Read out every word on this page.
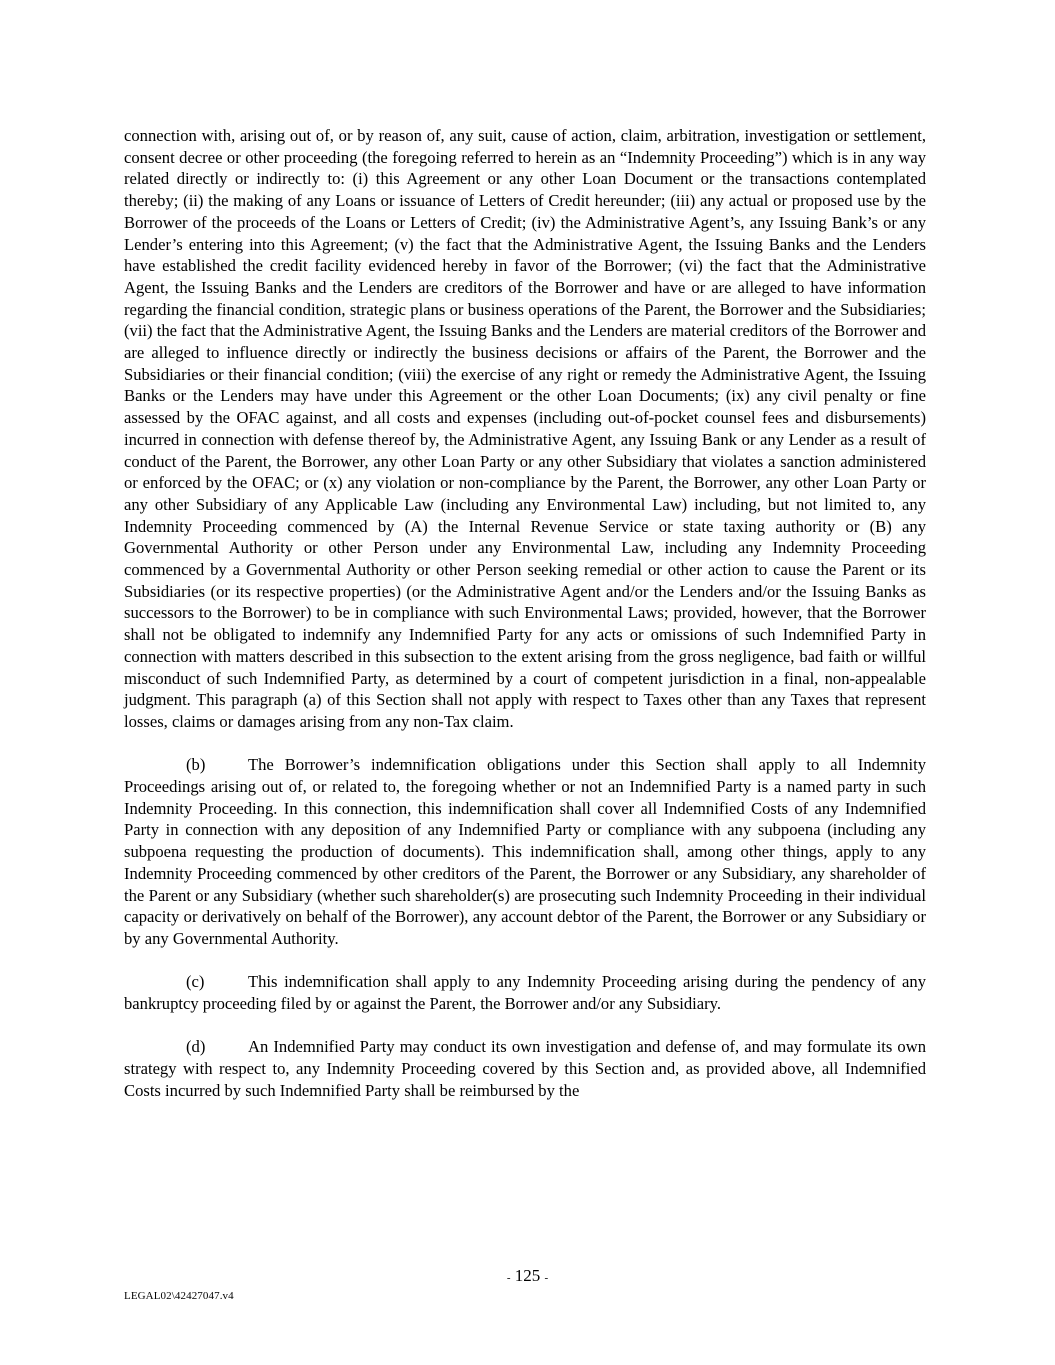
connection with, arising out of, or by reason of, any suit, cause of action, claim, arbitration, investigation or settlement, consent decree or other proceeding (the foregoing referred to herein as an “Indemnity Proceeding”) which is in any way related directly or indirectly to: (i) this Agreement or any other Loan Document or the transactions contemplated thereby; (ii) the making of any Loans or issuance of Letters of Credit hereunder; (iii) any actual or proposed use by the Borrower of the proceeds of the Loans or Letters of Credit; (iv) the Administrative Agent’s, any Issuing Bank’s or any Lender’s entering into this Agreement; (v) the fact that the Administrative Agent, the Issuing Banks and the Lenders have established the credit facility evidenced hereby in favor of the Borrower; (vi) the fact that the Administrative Agent, the Issuing Banks and the Lenders are creditors of the Borrower and have or are alleged to have information regarding the financial condition, strategic plans or business operations of the Parent, the Borrower and the Subsidiaries; (vii) the fact that the Administrative Agent, the Issuing Banks and the Lenders are material creditors of the Borrower and are alleged to influence directly or indirectly the business decisions or affairs of the Parent, the Borrower and the Subsidiaries or their financial condition; (viii) the exercise of any right or remedy the Administrative Agent, the Issuing Banks or the Lenders may have under this Agreement or the other Loan Documents; (ix) any civil penalty or fine assessed by the OFAC against, and all costs and expenses (including out-of-pocket counsel fees and disbursements) incurred in connection with defense thereof by, the Administrative Agent, any Issuing Bank or any Lender as a result of conduct of the Parent, the Borrower, any other Loan Party or any other Subsidiary that violates a sanction administered or enforced by the OFAC; or (x) any violation or non-compliance by the Parent, the Borrower, any other Loan Party or any other Subsidiary of any Applicable Law (including any Environmental Law) including, but not limited to, any Indemnity Proceeding commenced by (A) the Internal Revenue Service or state taxing authority or (B) any Governmental Authority or other Person under any Environmental Law, including any Indemnity Proceeding commenced by a Governmental Authority or other Person seeking remedial or other action to cause the Parent or its Subsidiaries (or its respective properties) (or the Administrative Agent and/or the Lenders and/or the Issuing Banks as successors to the Borrower) to be in compliance with such Environmental Laws; provided, however, that the Borrower shall not be obligated to indemnify any Indemnified Party for any acts or omissions of such Indemnified Party in connection with matters described in this subsection to the extent arising from the gross negligence, bad faith or willful misconduct of such Indemnified Party, as determined by a court of competent jurisdiction in a final, non-appealable judgment. This paragraph (a) of this Section shall not apply with respect to Taxes other than any Taxes that represent losses, claims or damages arising from any non-Tax claim.

(b)	The Borrower’s indemnification obligations under this Section shall apply to all Indemnity Proceedings arising out of, or related to, the foregoing whether or not an Indemnified Party is a named party in such Indemnity Proceeding. In this connection, this indemnification shall cover all Indemnified Costs of any Indemnified Party in connection with any deposition of any Indemnified Party or compliance with any subpoena (including any subpoena requesting the production of documents). This indemnification shall, among other things, apply to any Indemnity Proceeding commenced by other creditors of the Parent, the Borrower or any Subsidiary, any shareholder of the Parent or any Subsidiary (whether such shareholder(s) are prosecuting such Indemnity Proceeding in their individual capacity or derivatively on behalf of the Borrower), any account debtor of the Parent, the Borrower or any Subsidiary or by any Governmental Authority.

(c)	This indemnification shall apply to any Indemnity Proceeding arising during the pendency of any bankruptcy proceeding filed by or against the Parent, the Borrower and/or any Subsidiary.

(d)	An Indemnified Party may conduct its own investigation and defense of, and may formulate its own strategy with respect to, any Indemnity Proceeding covered by this Section and, as provided above, all Indemnified Costs incurred by such Indemnified Party shall be reimbursed by the

- 125 -
LEGAL02\42427047.v4
